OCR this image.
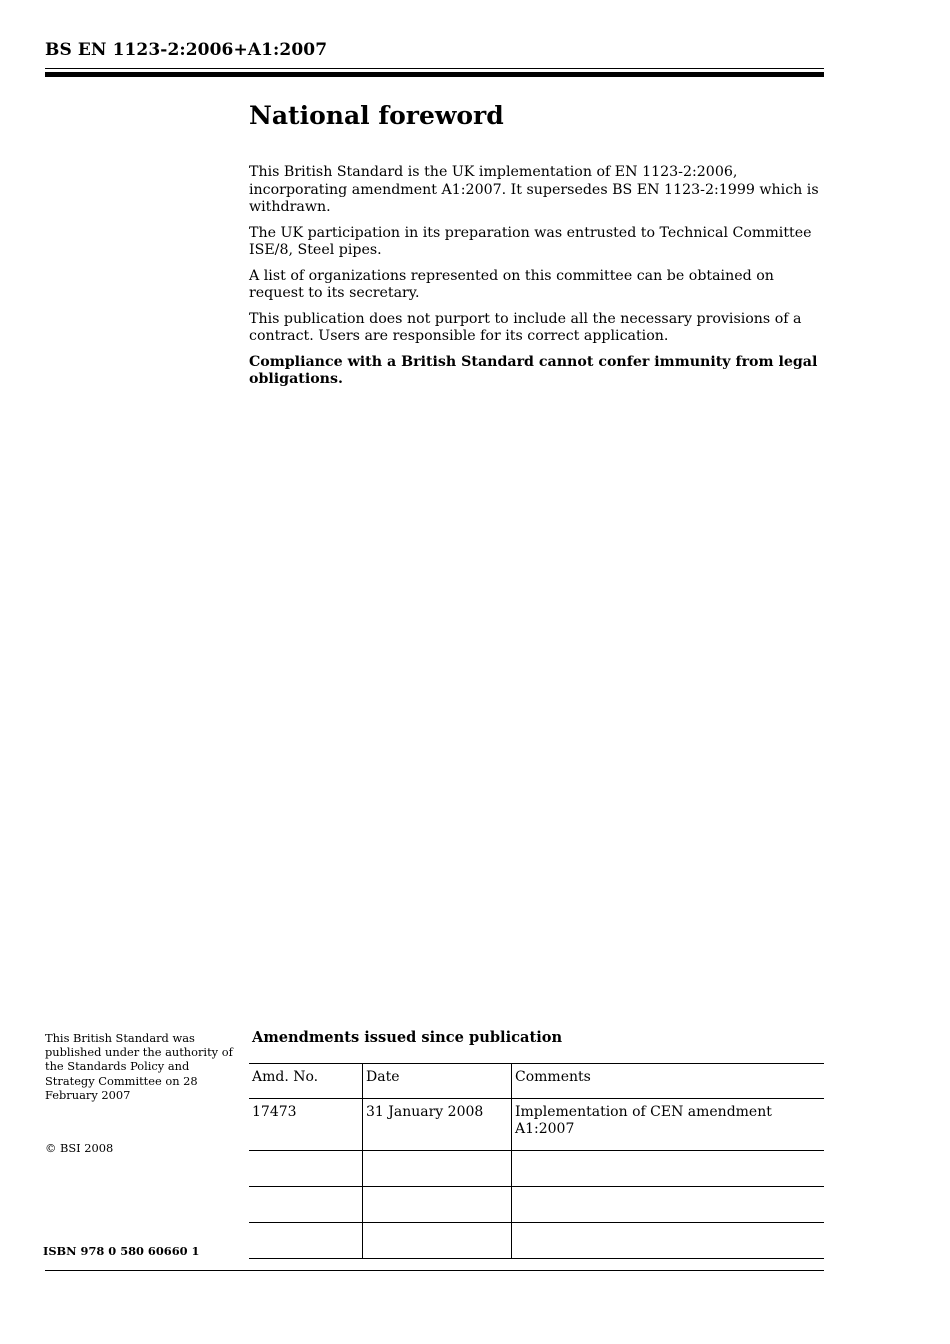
BS EN 1123-2:2006+A1:2007
National foreword

This British Standard is the UK implementation of EN 1123-2:2006, incorporating amendment A1:2007. It supersedes BS EN 1123-2:1999 which is withdrawn.

The UK participation in its preparation was entrusted to Technical Committee ISE/8, Steel pipes.

A list of organizations represented on this committee can be obtained on request to its secretary.

This publication does not purport to include all the necessary provisions of a contract. Users are responsible for its correct application.

Compliance with a British Standard cannot confer immunity from legal obligations.

This British Standard was published under the authority of the Standards Policy and Strategy Committee on 28 February 2007

© BSI 2008

ISBN 978 0 580 60660 1
Amendments issued since publication
Amd. No.	Date	Comments
17473	31 January 2008	Implementation of CEN amendment A1:2007
